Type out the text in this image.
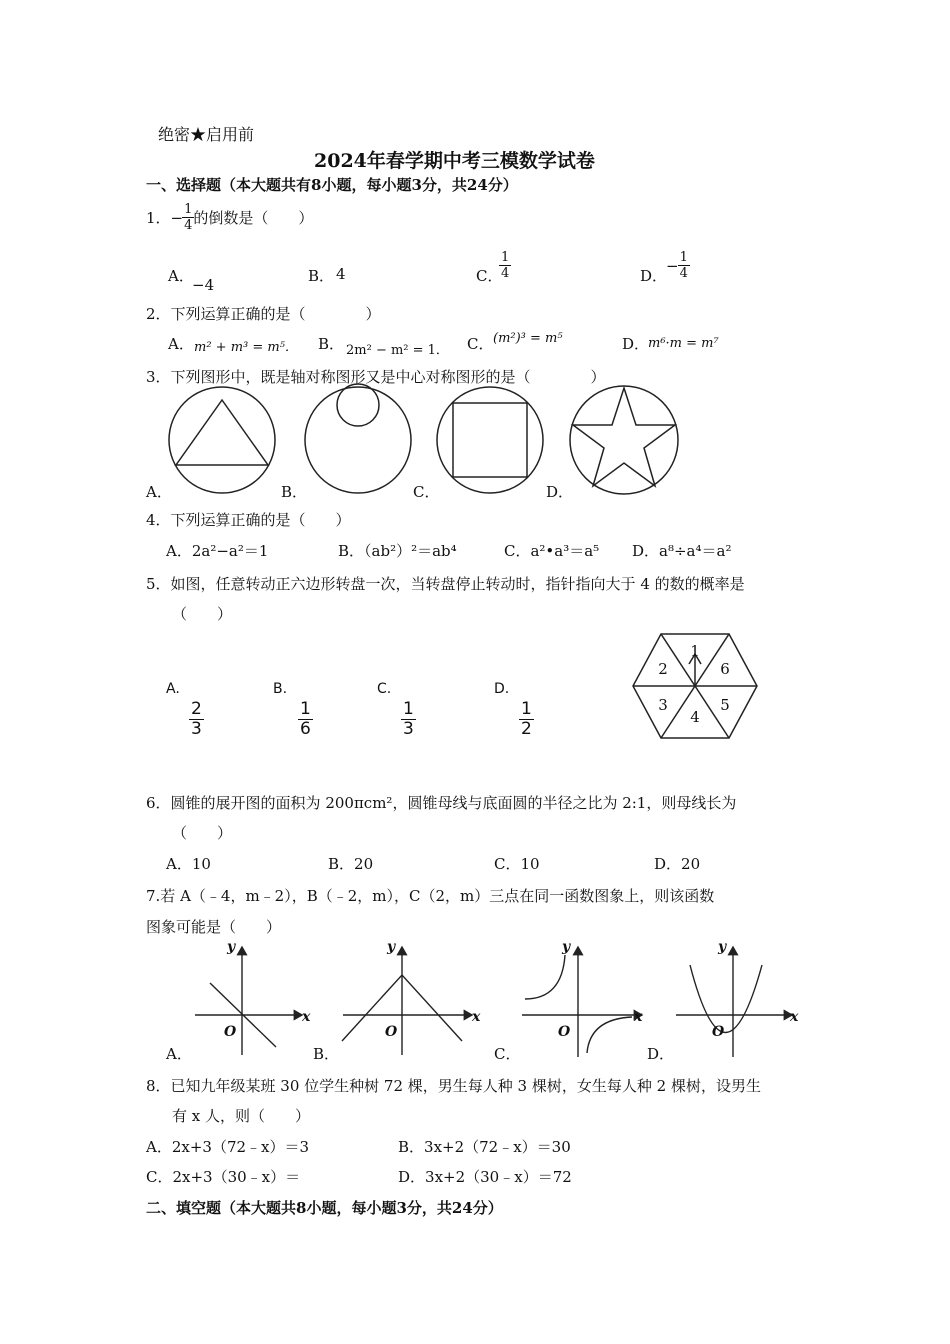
绝密★启用前
2024年春学期中考三模数学试卷
一、选择题（本大题共有8小题，每小题3分，共24分）
1． − $\frac{1}{4}$ 的倒数是（　　）
A．
−4	B． 4	C．
$\frac{1}{4}$	D．
− $\frac{1}{4}$
2．下列运算正确的是（　　　　）
A． m² + m³ = m⁵． B． 2m² − m² = 1． C． (m²)³ = m⁵	D．
m⁶·m = m⁷
3．下列图形中，既是轴对称图形又是中心对称图形的是（　　　　）
A．	B．	C．	D．
4．下列运算正确的是（　　）
A．2a²−a²＝1	B．（ab²）²＝ab⁴	C．a²•a³＝a⁵ D．a⁸÷a⁴＝a²
5．如图，任意转动正六边形转盘一次，当转盘停止转动时，指针指向大于 4 的数的概率是
（　　）
A.	B.	C.	D.
$\frac{2}{3}$	$\frac{1}{6}$	$\frac{1}{3}$	$\frac{1}{2}$
1
6
5
4
3
2
6．圆锥的展开图的面积为 200πcm²，圆锥母线与底面圆的半径之比为 2:1，则母线长为
（　　）
A．10	B．20	C．10	D．20
7.若 A（﹣4，m﹣2），B（﹣2，m），C（2，m）三点在同一函数图象上，则该函数
图象可能是（　　）
y
x
O
y
x
O
y
x
O
y
x
O
A．	B．	C．	D．
8．已知九年级某班 30 位学生种树 72 棵，男生每人种 3 棵树，女生每人种 2 棵树，设男生
有 x 人，则（　　）
A．2x+3（72﹣x）＝3	B．3x+2（72﹣x）＝30
C．2x+3（30﹣x）＝	D．3x+2（30﹣x）＝72
二、填空题（本大题共8小题，每小题3分，共24分）
